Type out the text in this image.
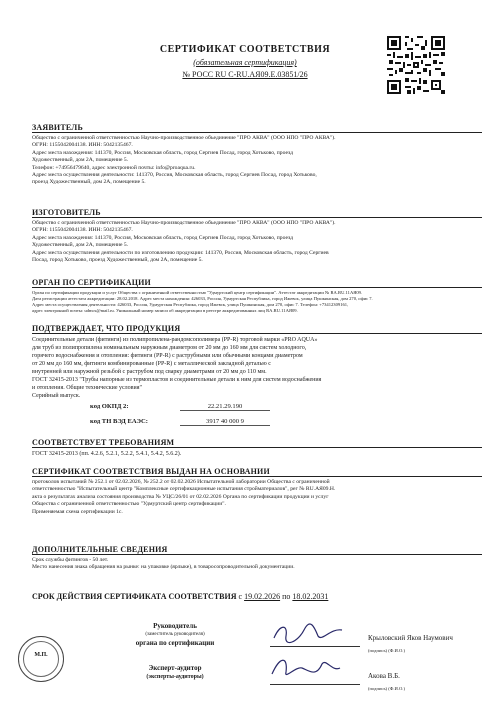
СЕРТИФИКАТ СООТВЕТСТВИЯ
(обязательная сертификация)
№ РОСС RU С-RU.АЯ09.Е.03851/26
ЗАЯВИТЕЛЬ
Общество с ограниченной ответственностью Научно-производственное объединение "ПРО АКВА" (ООО НПО "ПРО АКВА").
ОГРН: 1155042004138. ИНН: 5042135467.
Адрес места нахождения: 141370, Россия, Московская область, город Сергиев Посад, город Хотьково, проезд
Художественный, дом 2А, помещение 5.
Телефон: +74956479640, адрес электронной почты: info@proaqua.ru.
Адрес места осуществления деятельности: 141370, Россия, Московская область, город Сергиев Посад, город Хотьково,
проезд Художественный, дом 2А, помещение 5.
ИЗГОТОВИТЕЛЬ
Общество с ограниченной ответственностью Научно-производственное объединение "ПРО АКВА" (ООО НПО "ПРО АКВА").
ОГРН: 1155042004138. ИНН: 5042135467.
Адрес места нахождения: 141370, Россия, Московская область, город Сергиев Посад, город Хотьково, проезд
Художественный, дом 2А, помещение 5.
Адрес места осуществления деятельности по изготовлению продукции: 141370, Россия, Московская область, город Сергиев
Посад, город Хотьково, проезд Художественный, дом 2А, помещение 5.
ОРГАН ПО СЕРТИФИКАЦИИ
Орган по сертификации продукции и услуг Общества с ограниченной ответственностью "Удмуртский центр сертификации". Аттестат аккредитации № RA.RU.11АЯ09.
Дата регистрации аттестата аккредитации: 28.02.2018. Адрес места нахождения: 426033, Россия, Удмуртская Республика, город Ижевск, улица Пушкинская, дом 270, офис 7.
Адрес места осуществления деятельности: 426033, Россия, Удмуртская Республика, город Ижевск, улица Пушкинская, дом 270, офис 7. Телефон: +73412309161,
адрес электронной почты: udmcs@mail.ru. Уникальный номер записи об аккредитации в реестре аккредитованных лиц RA.RU.11АЯ09.
ПОДТВЕРЖДАЕТ, ЧТО ПРОДУКЦИЯ
Соединительные детали (фитинги) из полипропилена-рандомсополимера (PP-R) торговой марки «PRO AQUA»
для труб из полипропилена номинальным наружным диаметром от 20 мм до 160 мм для систем холодного,
горячего водоснабжения и отопления: фитинги (PP-R) с раструбными или обычными концами диаметром
от 20 мм до 160 мм, фитинги комбинированные (PP-R) с металлической закладной деталью с
внутренней или наружной резьбой с раструбом под сварку диаметрами от 20 мм до 110 мм.
ГОСТ 32415-2013 "Трубы напорные из термопластов и соединительные детали к ним для систем водоснабжения
и отопления. Общие технические условия"
Серийный выпуск.
код ОКПД 2:	22.21.29.190
код ТН ВЭД ЕАЭС:	3917 40 000 9
СООТВЕТСТВУЕТ ТРЕБОВАНИЯМ
ГОСТ 32415-2013 (пп. 4.2.6, 5.2.1, 5.2.2, 5.4.1, 5.4.2, 5.6.2).
СЕРТИФИКАТ СООТВЕТСТВИЯ ВЫДАН НА ОСНОВАНИИ
протоколов испытаний № 252.1 от 02.02.2026, № 252.2 от 02.02.2026 Испытательной лаборатории Общества с ограниченной
ответственностью "Испытательный центр "Комплексные сертификационные испытания стройматериалов", рег № RU.АЯ09.Н.
акта о результатах анализа состояния производства № УЦС/26/01 от 02.02.2026 Органа по сертификации продукции и услуг
Общества с ограниченной ответственностью "Удмуртский центр сертификации".
Применяемая схема сертификации 1с.
ДОПОЛНИТЕЛЬНЫЕ СВЕДЕНИЯ
Срок службы фитингов - 50 лет.
Место нанесения знака обращения на рынке: на упаковке (ярлыке), в товаросопроводительной документации.
СРОК ДЕЙСТВИЯ СЕРТИФИКАТА СООТВЕТСТВИЯ с 19.02.2026 по 18.02.2031
М.П.
Руководитель
(заместитель руководителя)
органа по сертификации
Крыловский Яков Наумович
(подпись) (Ф.И.О.)
Эксперт-аудитор
(эксперты-аудиторы)	Акова В.Б.
(подпись) (Ф.И.О.)
